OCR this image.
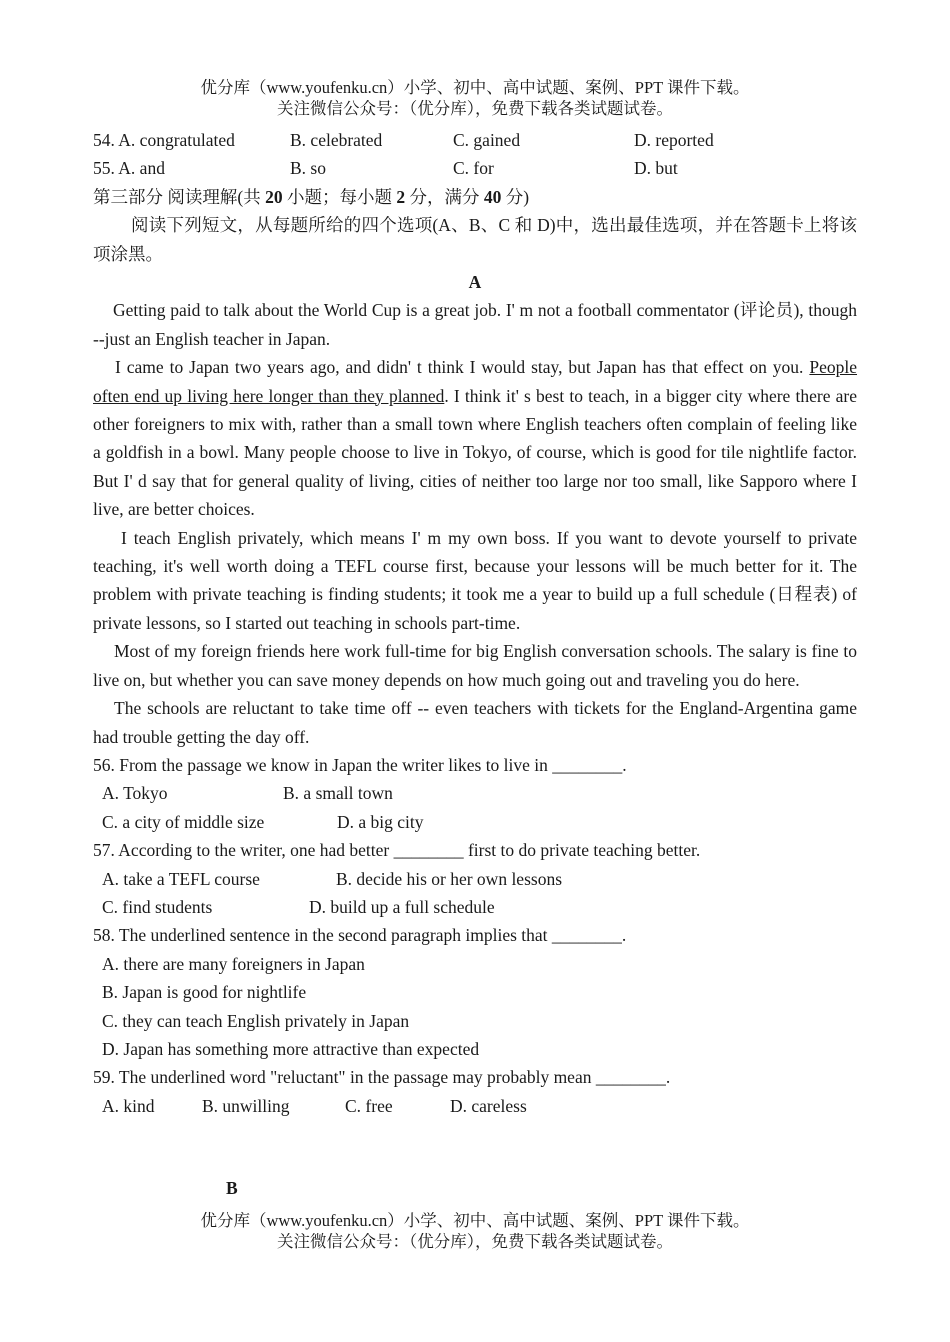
优分库（www.youfenku.cn）小学、初中、高中试题、案例、PPT 课件下载。
关注微信公众号：（优分库），免费下载各类试题试卷。
54. A. congratulated	B. celebrated	C. gained	D. reported
55. A. and	B. so	C. for	D. but
第三部分 阅读理解(共 20 小题；每小题 2 分，满分 40 分)
阅读下列短文，从每题所给的四个选项(A、B、C 和 D)中，选出最佳选项，并在答题卡上将该项涂黑。
A

Getting paid to talk about the World Cup is a great job. I' m not a football commentator (评论员), though --just an English teacher in Japan.

I came to Japan two years ago, and didn' t think I would stay, but Japan has that effect on you. People often end up living here longer than they planned. I think it' s best to teach, in a bigger city where there are other foreigners to mix with, rather than a small town where English teachers often complain of feeling like a goldfish in a bowl. Many people choose to live in Tokyo, of course, which is good for tile nightlife factor. But I' d say that for general quality of living, cities of neither too large nor too small, like Sapporo where I live, are better choices.

I teach English privately, which means I' m my own boss. If you want to devote yourself to private teaching, it's well worth doing a TEFL course first, because your lessons will be much better for it. The problem with private teaching is finding students; it took me a year to build up a full schedule (日程表) of private lessons, so I started out teaching in schools part-time.

Most of my foreign friends here work full-time for big English conversation schools. The salary is fine to live on, but whether you can save money depends on how much going out and traveling you do here.

The schools are reluctant to take time off -- even teachers with tickets for the England-Argentina game had trouble getting the day off.

56. From the passage we know in Japan the writer likes to live in ________.
A. Tokyo	B. a small town
C. a city of middle size	D. a big city
57. According to the writer, one had better ________ first to do private teaching better.
A. take a TEFL course	B. decide his or her own lessons
C. find students	D. build up a full schedule
58. The underlined sentence in the second paragraph implies that ________.
A. there are many foreigners in Japan
B. Japan is good for nightlife
C. they can teach English privately in Japan
D. Japan has something more attractive than expected
59. The underlined word "reluctant" in the passage may probably mean ________.
A. kind	B. unwilling	C. free	D. careless
B
优分库（www.youfenku.cn）小学、初中、高中试题、案例、PPT 课件下载。
关注微信公众号：（优分库），免费下载各类试题试卷。
